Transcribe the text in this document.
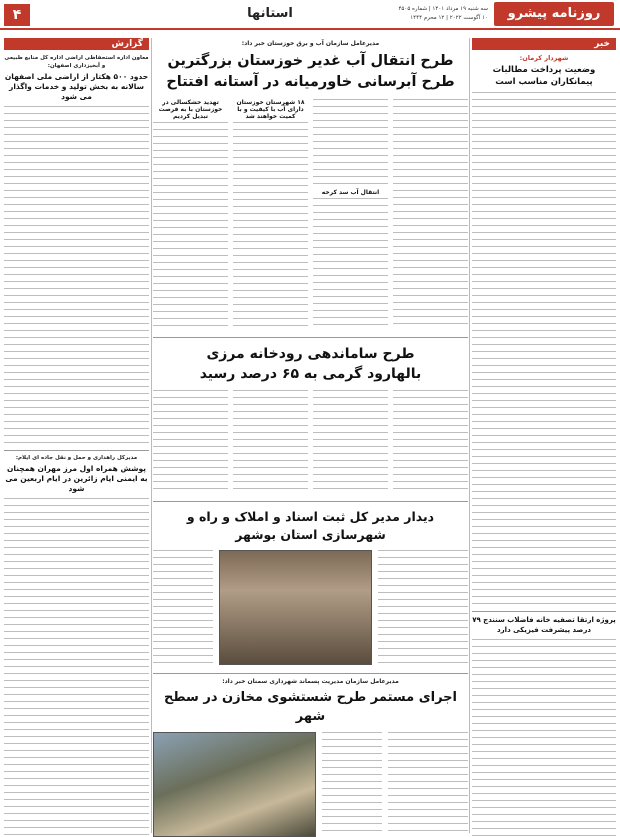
۴	استانها	روزنامه پیشرو
سه شنبه ۱۹ مرداد ۱۴۰۱ | شماره ۴۵۰۵
۱۰ آگوست ۲۰۲۲ | ۱۲ محرم ۱۴۴۴
خبر
شهردار کرمان:
وضعیت پرداخت مطالبات پیمانکاران مناسب است
پروژه ارتقا تصفیه خانه فاضلاب سنندج ۷۹ درصد پیشرفت فیزیکی دارد
گزارش
معاون اداره استحفاظی اراضی اداره کل منابع طبیعی و آبخیزداری اصفهان:
حدود ۵۰۰ هکتار از اراضی ملی اصفهان سالانه به بخش تولید و خدمات واگذار می شود
مدیرکل راهداری و حمل و نقل جاده ای ایلام:
پوشش همراه اول مرز مهران همچنان به ایمنی ایام زائرین در ایام اربعین می شود
مدیرعامل سازمان آب و برق خوزستان خبر داد:
طرح انتقال آب غدیر خوزستان بزرگترین طرح آبرسانی خاورمیانه در آستانه افتتاح
انتقال آب سد کرخه
۱۸ شهرستان خوزستان دارای آب با کیفیت و با کمیت خواهند شد
تهدید خشکسالی در خوزستان با به فرصت تبدیل کردیم
طرح ساماندهی رودخانه مرزی بالهارود گرمی به ۶۵ درصد رسید
دیدار مدیر کل ثبت اسناد و املاک و راه و شهرسازی استان بوشهر
مدیرعامل سازمان مدیریت پسماند شهرداری سمنان خبر داد:
اجرای مستمر طرح شستشوی مخازن در سطح شهر
